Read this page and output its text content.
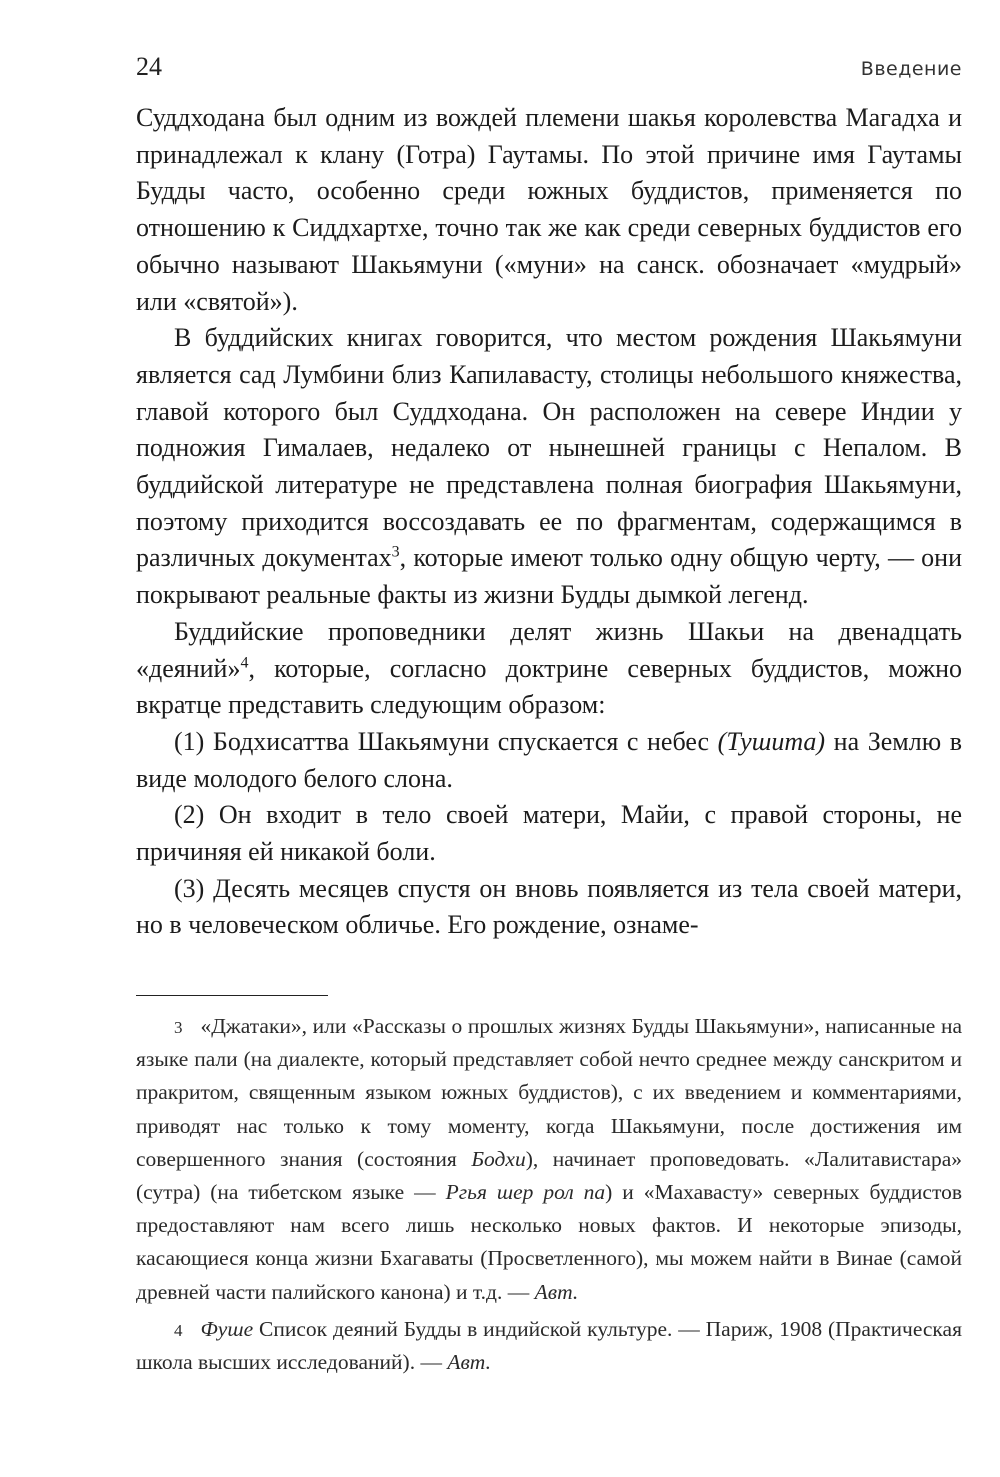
24	Введение

Суддходана был одним из вождей племени шакья королевства Магадха и принадлежал к клану (Готра) Гаутамы. По этой причине имя Гаутамы Будды часто, особенно среди южных буддистов, применяется по отношению к Сиддхартхе, точно так же как среди северных буддистов его обычно называют Шакьямуни («муни» на санск. обозначает «мудрый» или «святой»).

В буддийских книгах говорится, что местом рождения Шакьямуни является сад Лумбини близ Капилавасту, столицы небольшого княжества, главой которого был Суддходана. Он расположен на севере Индии у подножия Гималаев, недалеко от нынешней границы с Непалом. В буддийской литературе не представлена полная биография Шакьямуни, поэтому приходится воссоздавать ее по фрагментам, содержащимся в различных документах$^3$, которые имеют только одну общую черту, — они покрывают реальные факты из жизни Будды дымкой легенд.

Буддийские проповедники делят жизнь Шакьи на двенадцать «деяний»$^4$, которые, согласно доктрине северных буддистов, можно вкратце представить следующим образом:

(1) Бодхисаттва Шакьямуни спускается с небес (Тушита) на Землю в виде молодого белого слона.

(2) Он входит в тело своей матери, Майи, с правой стороны, не причиняя ей никакой боли.

(3) Десять месяцев спустя он вновь появляется из тела своей матери, но в человеческом обличье. Его рождение, ознаме-

$^3$ «Джатаки», или «Рассказы о прошлых жизнях Будды Шакьямуни», написанные на языке пали (на диалекте, который представляет собой нечто среднее между санскритом и пракритом, священным языком южных буддистов), с их введением и комментариями, приводят нас только к тому моменту, когда Шакьямуни, после достижения им совершенного знания (состояния Бодхи), начинает проповедовать. «Лалитавистара» (сутра) (на тибетском языке — Ргья шер рол па) и «Махавасту» северных буддистов предоставляют нам всего лишь несколько новых фактов. И некоторые эпизоды, касающиеся конца жизни Бхагаваты (Просветленного), мы можем найти в Винае (самой древней части палийского канона) и т.д. — Авт.

$^4$ Фуше Список деяний Будды в индийской культуре. — Париж, 1908 (Практическая школа высших исследований). — Авт.
